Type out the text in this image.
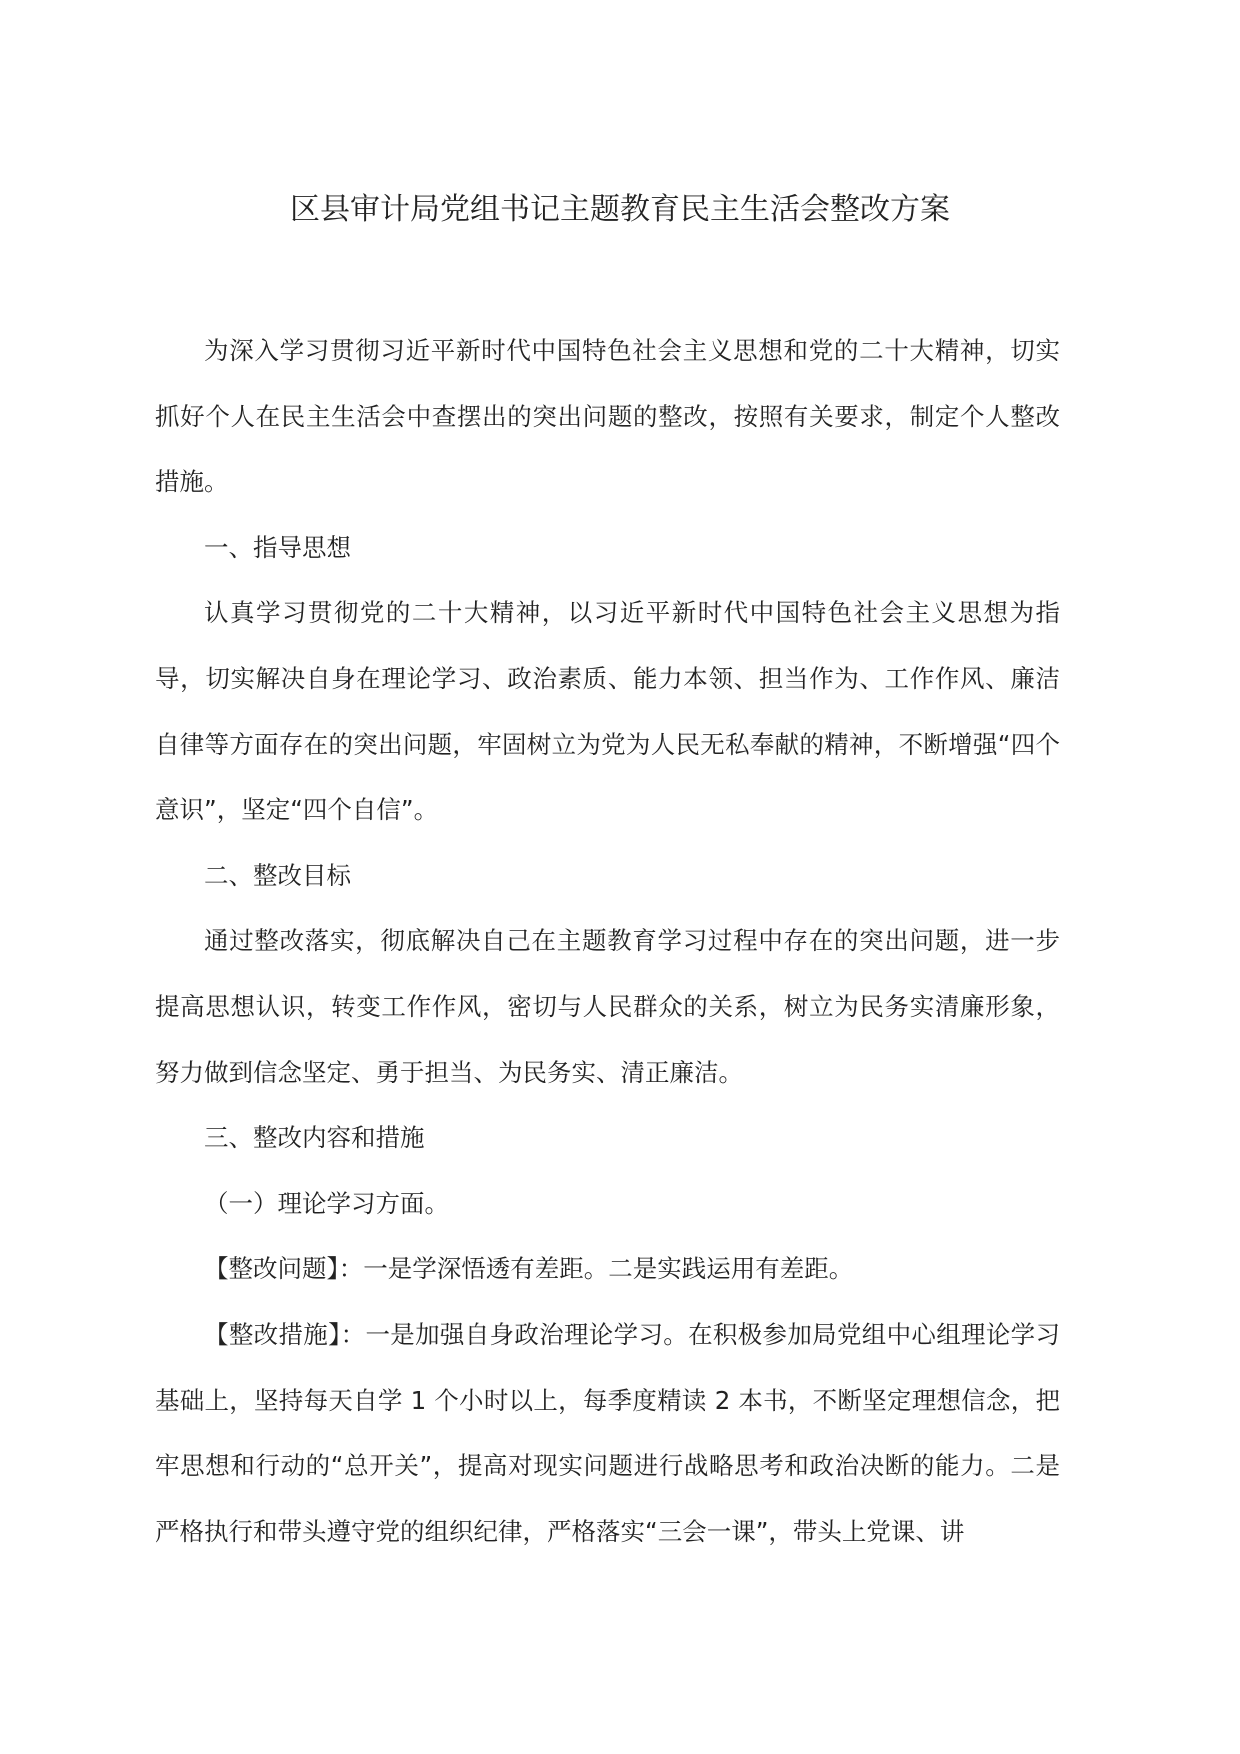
区县审计局党组书记主题教育民主生活会整改方案

为深入学习贯彻习近平新时代中国特色社会主义思想和党的二十大精神，切实抓好个人在民主生活会中查摆出的突出问题的整改，按照有关要求，制定个人整改措施。

一、指导思想

认真学习贯彻党的二十大精神，以习近平新时代中国特色社会主义思想为指导，切实解决自身在理论学习、政治素质、能力本领、担当作为、工作作风、廉洁自律等方面存在的突出问题，牢固树立为党为人民无私奉献的精神，不断增强“四个意识”，坚定“四个自信”。

二、整改目标

通过整改落实，彻底解决自己在主题教育学习过程中存在的突出问题，进一步提高思想认识，转变工作作风，密切与人民群众的关系，树立为民务实清廉形象，努力做到信念坚定、勇于担当、为民务实、清正廉洁。

三、整改内容和措施

（一）理论学习方面。

【整改问题】：一是学深悟透有差距。二是实践运用有差距。

【整改措施】：一是加强自身政治理论学习。在积极参加局党组中心组理论学习基础上，坚持每天自学 1 个小时以上，每季度精读 2 本书，不断坚定理想信念，把牢思想和行动的“总开关”，提高对现实问题进行战略思考和政治决断的能力。二是严格执行和带头遵守党的组织纪律，严格落实“三会一课”，带头上党课、讲
